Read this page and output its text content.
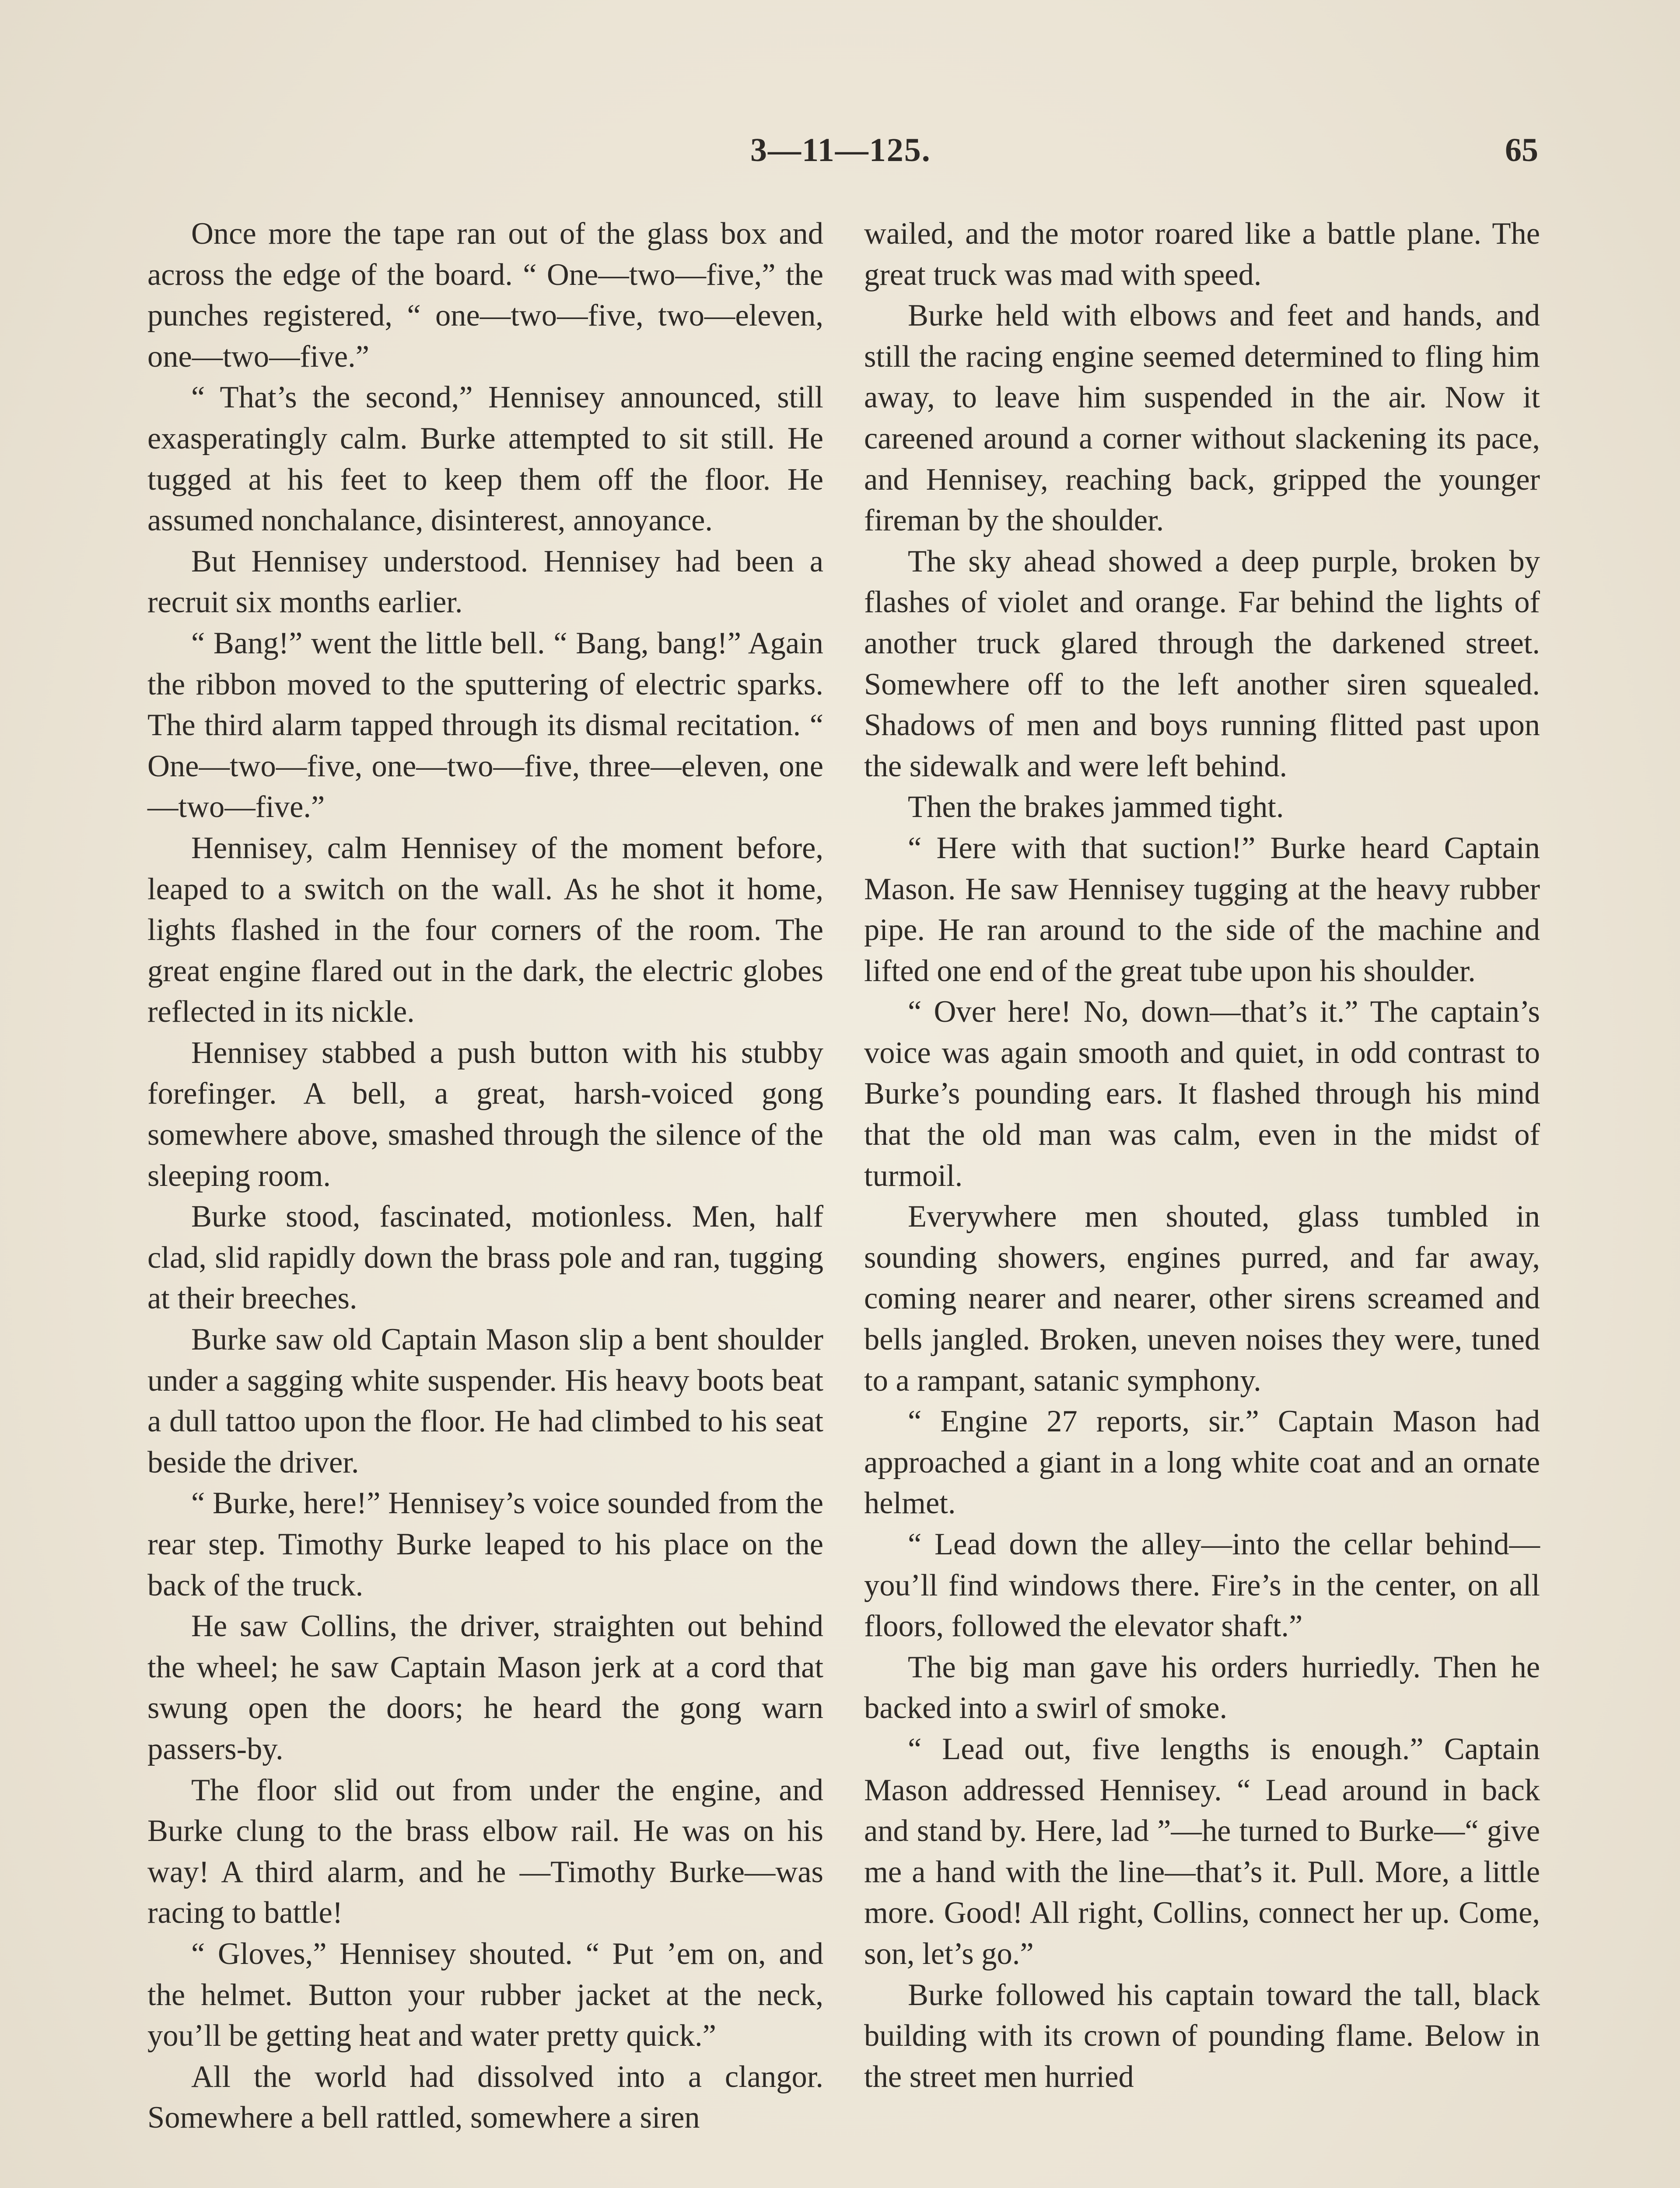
3—11—125.	65

Once more the tape ran out of the glass box and across the edge of the board. “ One—two—five,” the punches registered, “ one—two—five, two—eleven, one—two—five.”

“ That’s the second,” Hennisey announced, still exasperatingly calm. Burke attempted to sit still. He tugged at his feet to keep them off the floor. He assumed nonchalance, disinterest, annoyance.

But Hennisey understood. Hennisey had been a recruit six months earlier.

“ Bang!” went the little bell. “ Bang, bang!” Again the ribbon moved to the sputtering of electric sparks. The third alarm tapped through its dismal recitation. “ One—two—five, one—two—five, three—eleven, one—two—five.”

Hennisey, calm Hennisey of the moment before, leaped to a switch on the wall. As he shot it home, lights flashed in the four corners of the room. The great engine flared out in the dark, the electric globes reflected in its nickle.

Hennisey stabbed a push button with his stubby forefinger. A bell, a great, harsh-voiced gong somewhere above, smashed through the silence of the sleeping room.

Burke stood, fascinated, motionless. Men, half clad, slid rapidly down the brass pole and ran, tugging at their breeches.

Burke saw old Captain Mason slip a bent shoulder under a sagging white suspender. His heavy boots beat a dull tattoo upon the floor. He had climbed to his seat beside the driver.

“ Burke, here!” Hennisey’s voice sounded from the rear step. Timothy Burke leaped to his place on the back of the truck.

He saw Collins, the driver, straighten out behind the wheel; he saw Captain Mason jerk at a cord that swung open the doors; he heard the gong warn passers-by.

The floor slid out from under the engine, and Burke clung to the brass elbow rail. He was on his way! A third alarm, and he —Timothy Burke—was racing to battle!

“ Gloves,” Hennisey shouted. “ Put ’em on, and the helmet. Button your rubber jacket at the neck, you’ll be getting heat and water pretty quick.”

All the world had dissolved into a clangor. Somewhere a bell rattled, somewhere a siren

wailed, and the motor roared like a battle plane. The great truck was mad with speed.

Burke held with elbows and feet and hands, and still the racing engine seemed determined to fling him away, to leave him suspended in the air. Now it careened around a corner without slackening its pace, and Hennisey, reaching back, gripped the younger fireman by the shoulder.

The sky ahead showed a deep purple, broken by flashes of violet and orange. Far behind the lights of another truck glared through the darkened street. Somewhere off to the left another siren squealed. Shadows of men and boys running flitted past upon the sidewalk and were left behind.

Then the brakes jammed tight.

“ Here with that suction!” Burke heard Captain Mason. He saw Hennisey tugging at the heavy rubber pipe. He ran around to the side of the machine and lifted one end of the great tube upon his shoulder.

“ Over here! No, down—that’s it.” The captain’s voice was again smooth and quiet, in odd contrast to Burke’s pounding ears. It flashed through his mind that the old man was calm, even in the midst of turmoil.

Everywhere men shouted, glass tumbled in sounding showers, engines purred, and far away, coming nearer and nearer, other sirens screamed and bells jangled. Broken, uneven noises they were, tuned to a rampant, satanic symphony.

“ Engine 27 reports, sir.” Captain Mason had approached a giant in a long white coat and an ornate helmet.

“ Lead down the alley—into the cellar behind—you’ll find windows there. Fire’s in the center, on all floors, followed the elevator shaft.”

The big man gave his orders hurriedly. Then he backed into a swirl of smoke.

“ Lead out, five lengths is enough.” Captain Mason addressed Hennisey. “ Lead around in back and stand by. Here, lad ”—he turned to Burke—“ give me a hand with the line—that’s it. Pull. More, a little more. Good! All right, Collins, connect her up. Come, son, let’s go.”

Burke followed his captain toward the tall, black building with its crown of pounding flame. Below in the street men hurried
